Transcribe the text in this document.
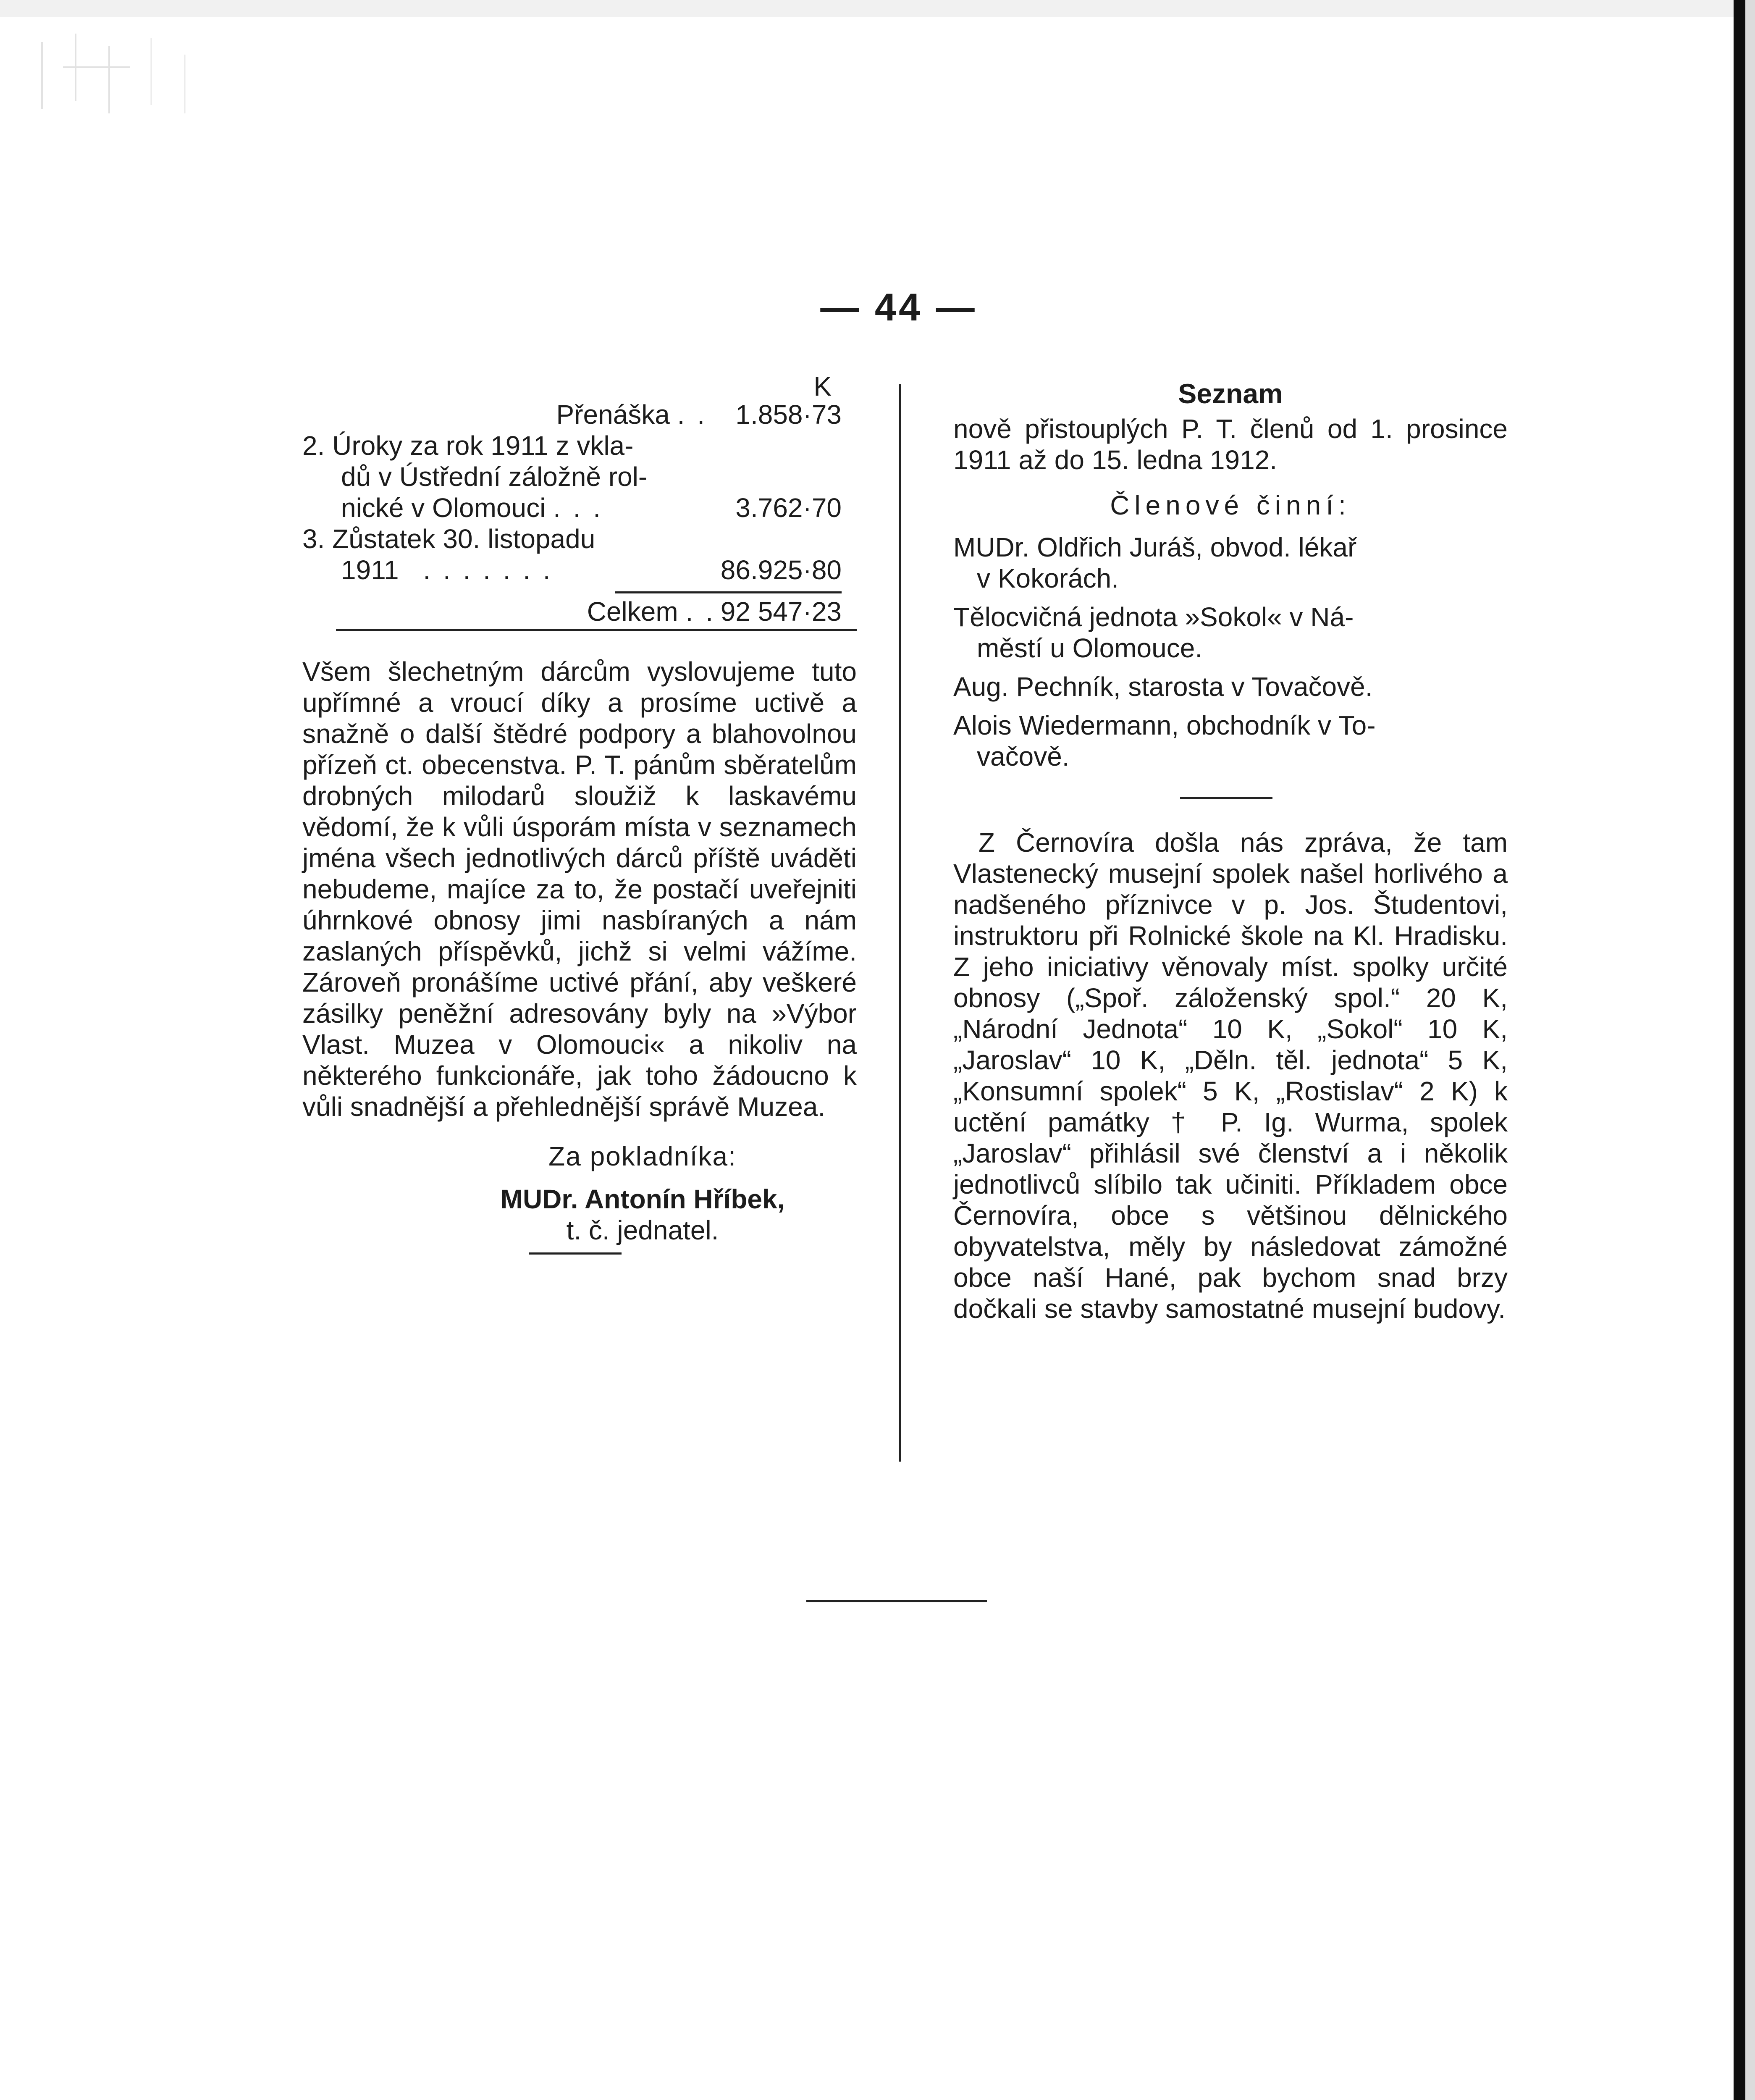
— 44 —
K
Přenáška . .	1.858·73
2. Úroky za rok 1911 z vkla-
dů v Ústřední záložně rol-
nické v Olomouci . . .	3.762·70
3. Zůstatek 30. listopadu
1911 . . . . . . .	86.925·80
Celkem . . 92 547·23

Všem šlechetným dárcům vyslovujeme tuto upřímné a vroucí díky a prosíme uctivě a snažně o další štědré podpory a blahovolnou přízeň ct. obecenstva. P. T. pánům sběratelům drobných milodarů sloužiž k laskavému vědomí, že k vůli úsporám místa v seznamech jména všech jednotlivých dárců příště uváděti nebudeme, majíce za to, že postačí uveřejniti úhrnkové obnosy jimi nasbíraných a nám zaslaných příspěvků, jichž si velmi vážíme. Zároveň pronášíme uctivé přání, aby veškeré zásilky peněžní adresovány byly na »Výbor Vlast. Muzea v Olomouci« a nikoliv na některého funkcionáře, jak toho žádoucno k vůli snadnější a přehlednější správě Muzea.

Za pokladníka:
MUDr. Antonín Hříbek,
t. č. jednatel.
Seznam

nově přistouplých P. T. členů od 1. prosince 1911 až do 15. ledna 1912.

Členové činní:
MUDr. Oldřich Juráš, obvod. lékař
v Kokorách.
Tělocvičná jednota »Sokol« v Ná-
městí u Olomouce.
Aug. Pechník, starosta v Tovačově.
Alois Wiedermann, obchodník v To-
vačově.

Z Černovíra došla nás zpráva, že tam Vlastenecký musejní spolek našel horlivého a nadšeného příznivce v p. Jos. Študentovi, instruktoru při Rolnické škole na Kl. Hradisku. Z jeho iniciativy věnovaly míst. spolky určité obnosy („Spoř. záloženský spol.“ 20 K, „Národní Jednota“ 10 K, „Sokol“ 10 K, „Jaroslav“ 10 K, „Děln. těl. jednota“ 5 K, „Konsumní spolek“ 5 K, „Rostislav“ 2 K) k uctění památky † P. Ig. Wurma, spolek „Jaroslav“ přihlásil své členství a i několik jednotlivců slíbilo tak učiniti. Příkladem obce Černovíra, obce s většinou dělnického obyvatelstva, měly by následovat zámožné obce naší Hané, pak bychom snad brzy dočkali se stavby samostatné musejní budovy.
